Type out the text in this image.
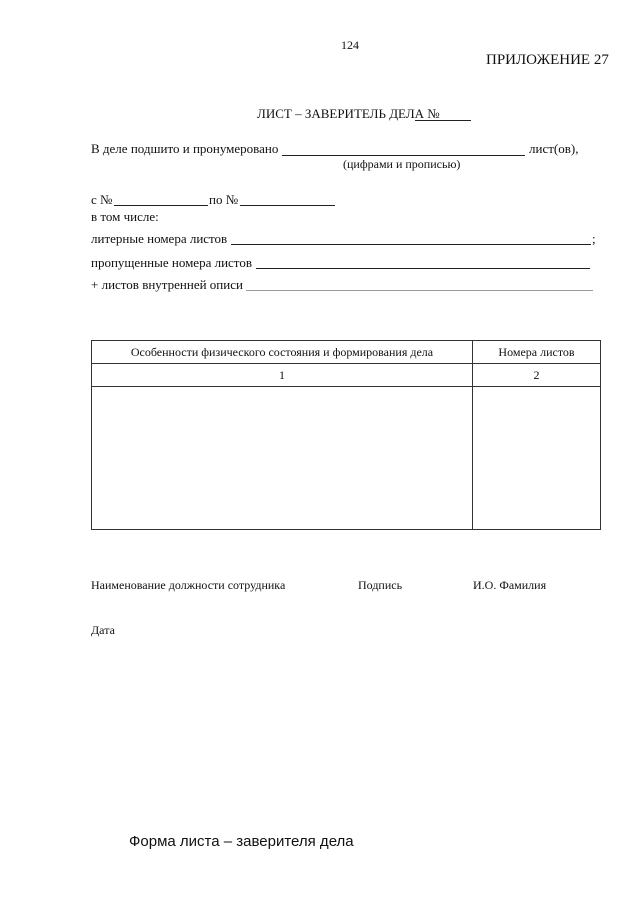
124
ПРИЛОЖЕНИЕ 27
ЛИСТ – ЗАВЕРИТЕЛЬ ДЕЛА №
В деле подшито и пронумеровано	лист(ов),
(цифрами и прописью)
с №	по №
в том числе:
литерные номера листов	;
пропущенные номера листов
+ листов внутренней описи
Особенности физического состояния и формирования дела	Номера листов
1	2

Наименование должности сотрудника	Подпись	И.О. Фамилия
Дата
Форма листа – заверителя дела
